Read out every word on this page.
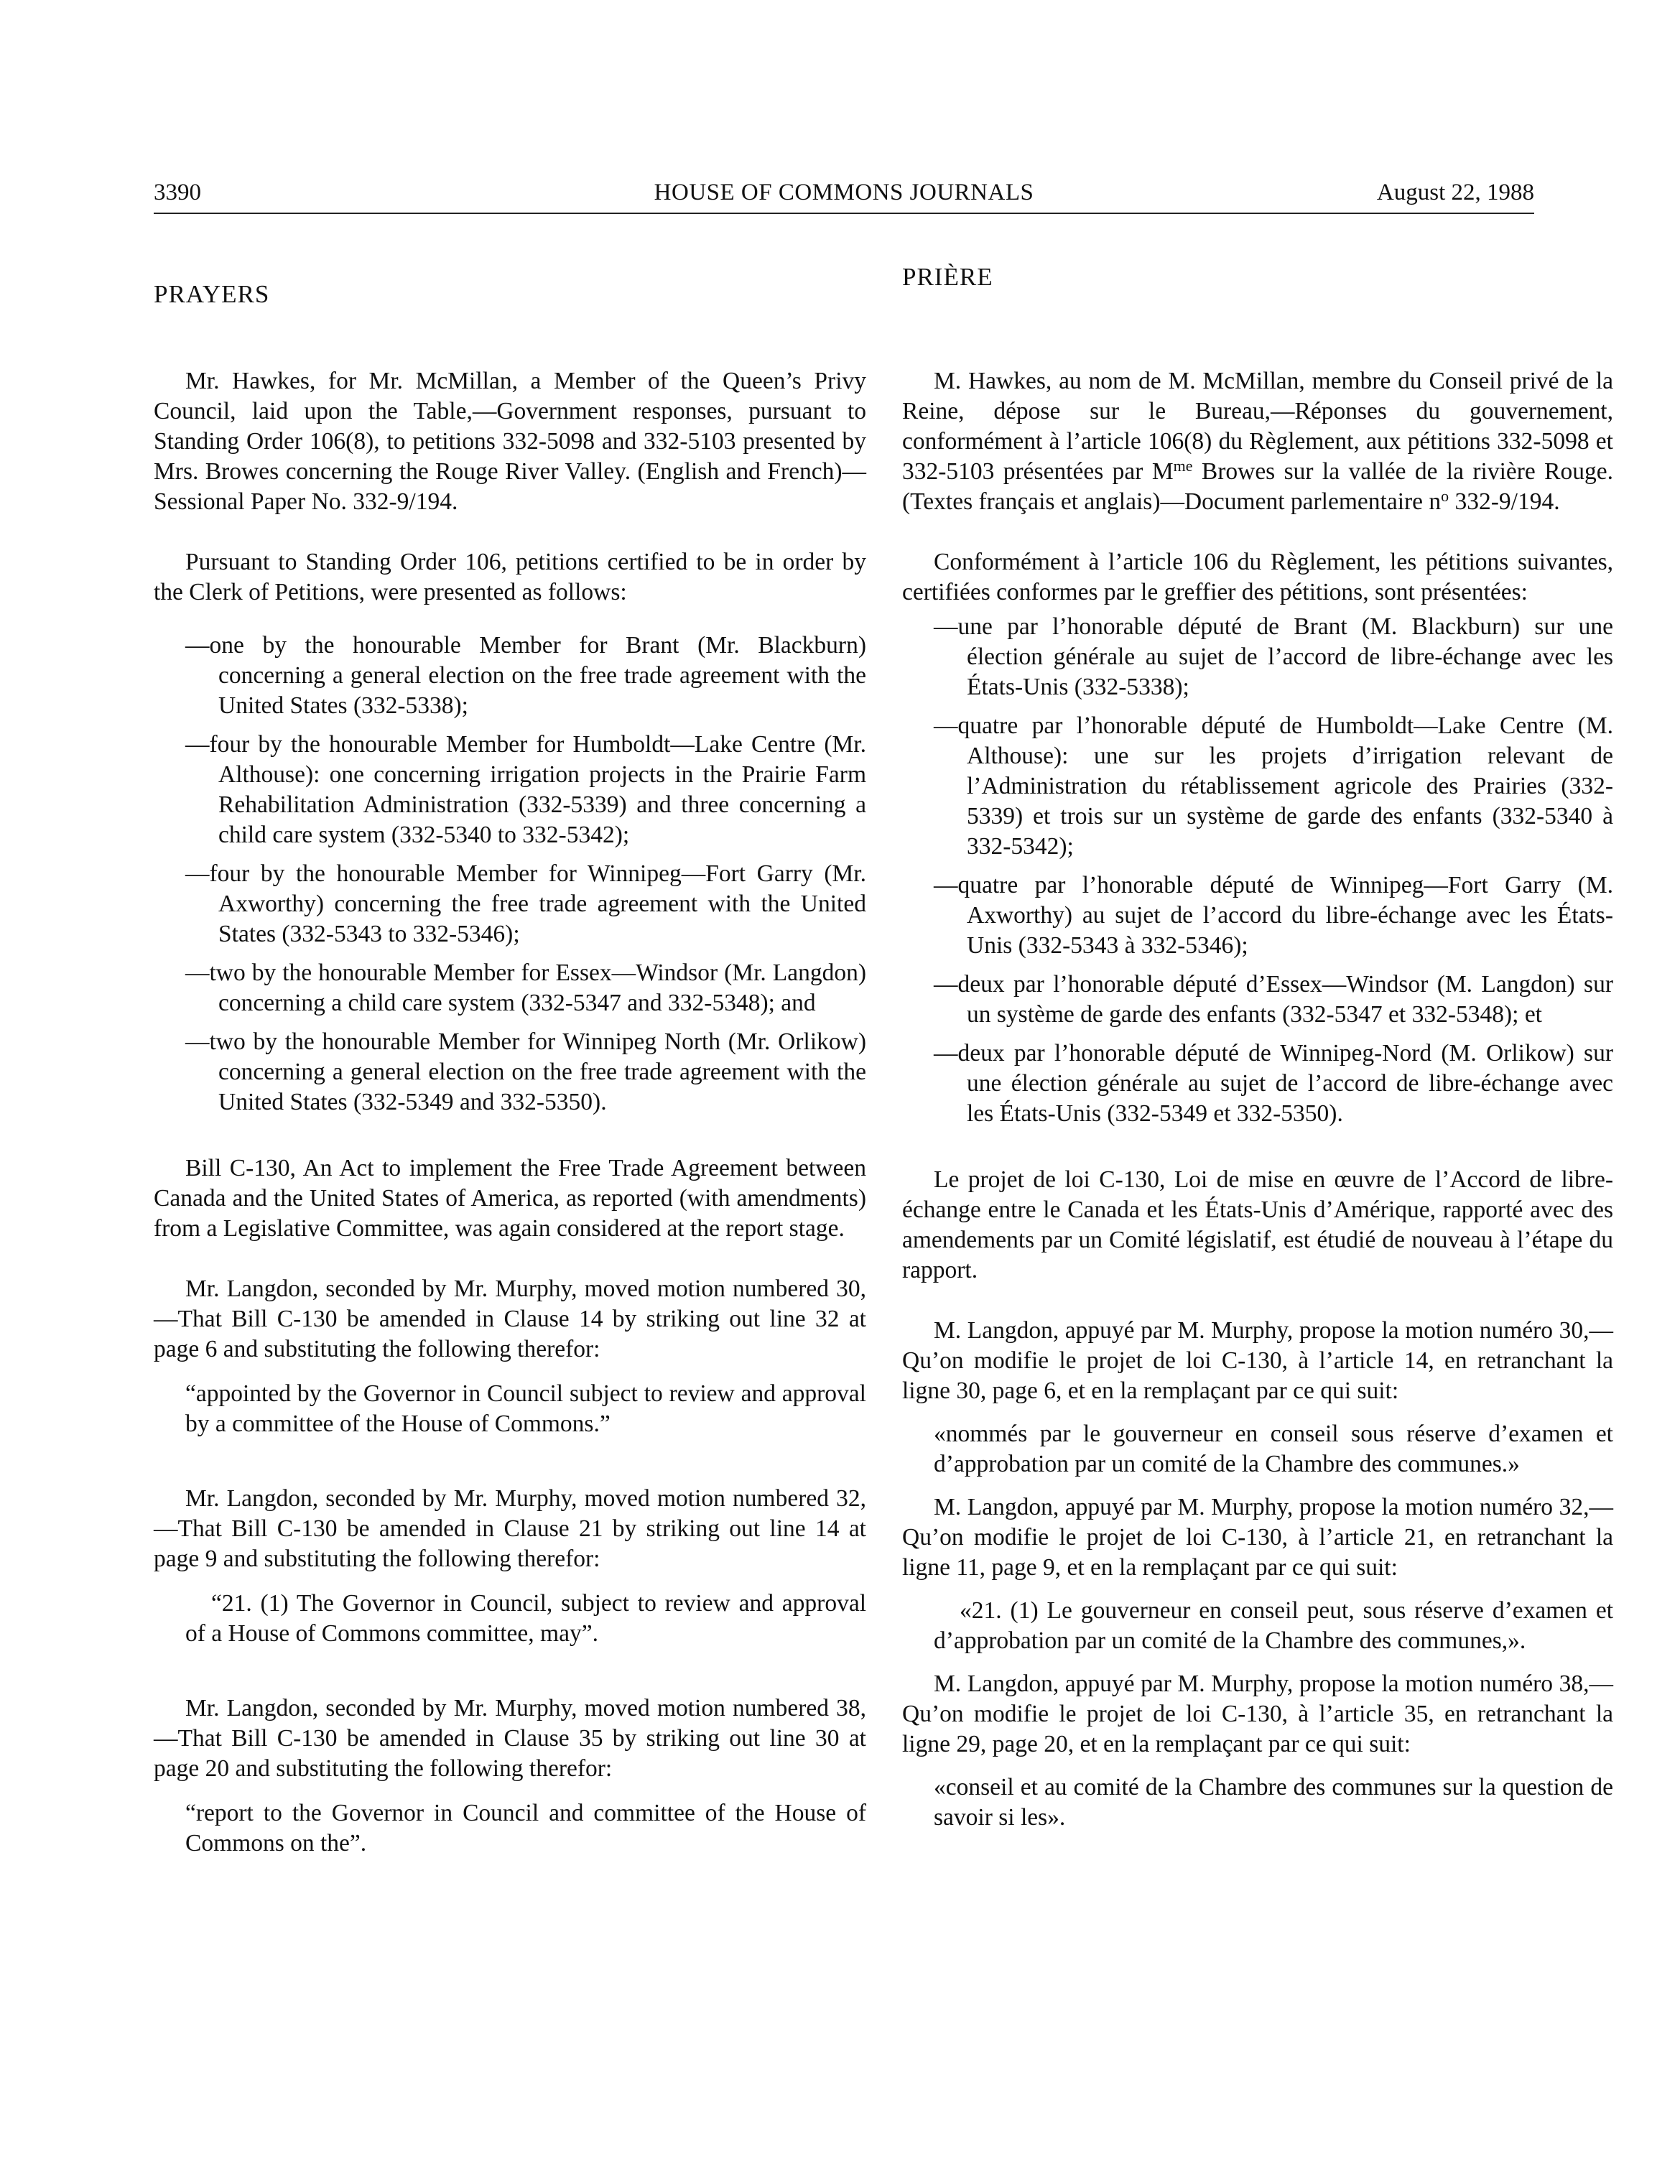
3390	HOUSE OF COMMONS JOURNALS	August 22, 1988
PRAYERS

Mr. Hawkes, for Mr. McMillan, a Member of the Queen’s Privy Council, laid upon the Table,—Government responses, pursuant to Standing Order 106(8), to petitions 332-5098 and 332-5103 presented by Mrs. Browes concerning the Rouge River Valley. (English and French)—Sessional Paper No. 332-9/194.

Pursuant to Standing Order 106, petitions certified to be in order by the Clerk of Petitions, were presented as follows:

—one by the honourable Member for Brant (Mr. Blackburn) concerning a general election on the free trade agreement with the United States (332-5338);

—four by the honourable Member for Humboldt—Lake Centre (Mr. Althouse): one concerning irrigation projects in the Prairie Farm Rehabilitation Administration (332-5339) and three concerning a child care system (332-5340 to 332-5342);

—four by the honourable Member for Winnipeg—Fort Garry (Mr. Axworthy) concerning the free trade agreement with the United States (332-5343 to 332-5346);

—two by the honourable Member for Essex—Windsor (Mr. Langdon) concerning a child care system (332-5347 and 332-5348); and

—two by the honourable Member for Winnipeg North (Mr. Orlikow) concerning a general election on the free trade agreement with the United States (332-5349 and 332-5350).

Bill C-130, An Act to implement the Free Trade Agreement between Canada and the United States of America, as reported (with amendments) from a Legislative Committee, was again considered at the report stage.

Mr. Langdon, seconded by Mr. Murphy, moved motion numbered 30,—That Bill C-130 be amended in Clause 14 by striking out line 32 at page 6 and substituting the following therefor:

“appointed by the Governor in Council subject to review and approval by a committee of the House of Commons.”

Mr. Langdon, seconded by Mr. Murphy, moved motion numbered 32,—That Bill C-130 be amended in Clause 21 by striking out line 14 at page 9 and substituting the following therefor:

“21. (1) The Governor in Council, subject to review and approval of a House of Commons committee, may”.

Mr. Langdon, seconded by Mr. Murphy, moved motion numbered 38,—That Bill C-130 be amended in Clause 35 by striking out line 30 at page 20 and substituting the following therefor:

“report to the Governor in Council and committee of the House of Commons on the”.

PRIÈRE

M. Hawkes, au nom de M. McMillan, membre du Conseil privé de la Reine, dépose sur le Bureau,—Réponses du gouvernement, conformément à l’article 106(8) du Règlement, aux pétitions 332-5098 et 332-5103 présentées par $M^{me}$ Browes sur la vallée de la rivière Rouge. (Textes français et anglais)—Document parlementaire $n^o$ 332-9/194.

Conformément à l’article 106 du Règlement, les pétitions suivantes, certifiées conformes par le greffier des pétitions, sont présentées:

—une par l’honorable député de Brant (M. Blackburn) sur une élection générale au sujet de l’accord de libre-échange avec les États-Unis (332-5338);

—quatre par l’honorable député de Humboldt—Lake Centre (M. Althouse): une sur les projets d’irrigation relevant de l’Administration du rétablissement agricole des Prairies (332-5339) et trois sur un système de garde des enfants (332-5340 à 332-5342);

—quatre par l’honorable député de Winnipeg—Fort Garry (M. Axworthy) au sujet de l’accord du libre-échange avec les États-Unis (332-5343 à 332-5346);

—deux par l’honorable député d’Essex—Windsor (M. Langdon) sur un système de garde des enfants (332-5347 et 332-5348); et

—deux par l’honorable député de Winnipeg-Nord (M. Orlikow) sur une élection générale au sujet de l’accord de libre-échange avec les États-Unis (332-5349 et 332-5350).

Le projet de loi C-130, Loi de mise en œuvre de l’Accord de libre-échange entre le Canada et les États-Unis d’Amérique, rapporté avec des amendements par un Comité législatif, est étudié de nouveau à l’étape du rapport.

M. Langdon, appuyé par M. Murphy, propose la motion numéro 30,—Qu’on modifie le projet de loi C-130, à l’article 14, en retranchant la ligne 30, page 6, et en la remplaçant par ce qui suit:

«nommés par le gouverneur en conseil sous réserve d’examen et d’approbation par un comité de la Chambre des communes.»

M. Langdon, appuyé par M. Murphy, propose la motion numéro 32,—Qu’on modifie le projet de loi C-130, à l’article 21, en retranchant la ligne 11, page 9, et en la remplaçant par ce qui suit:

«21. (1) Le gouverneur en conseil peut, sous réserve d’examen et d’approbation par un comité de la Chambre des communes,».

M. Langdon, appuyé par M. Murphy, propose la motion numéro 38,—Qu’on modifie le projet de loi C-130, à l’article 35, en retranchant la ligne 29, page 20, et en la remplaçant par ce qui suit:

«conseil et au comité de la Chambre des communes sur la question de savoir si les».
